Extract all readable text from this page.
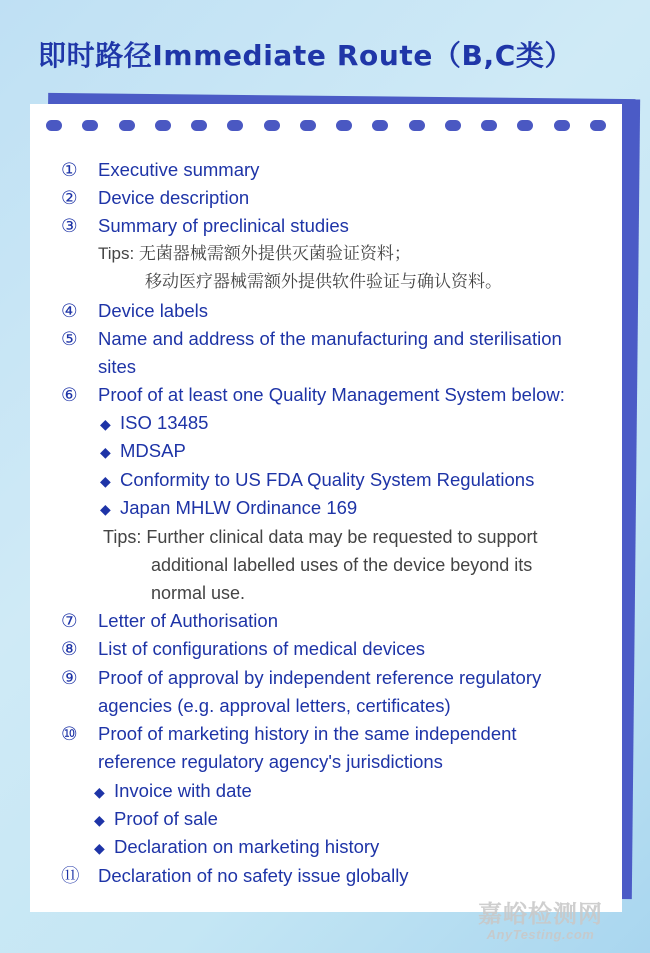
即时路径Immediate Route（B,C类）
①	Executive summary
②	Device description
③	Summary of preclinical studies
Tips: 无菌器械需额外提供灭菌验证资料；
移动医疗器械需额外提供软件验证与确认资料。
④	Device labels
⑤	Name and address of the manufacturing and sterilisation
sites
⑥	Proof of at least one Quality Management System below:
◆ ISO 13485
◆ MDSAP
◆ Conformity to US FDA Quality System Regulations
◆ Japan MHLW Ordinance 169
Tips: Further clinical data may be requested to support
additional labelled uses of the device beyond its
normal use.
⑦	Letter of Authorisation
⑧	List of configurations of medical devices
⑨	Proof of approval by independent reference regulatory
agencies (e.g. approval letters, certificates)
⑩	Proof of marketing history in the same independent
reference regulatory agency's jurisdictions
◆ Invoice with date
◆ Proof of sale
◆ Declaration on marketing history
⑪ Declaration of no safety issue globally
嘉峪检测网
AnyTesting.com
